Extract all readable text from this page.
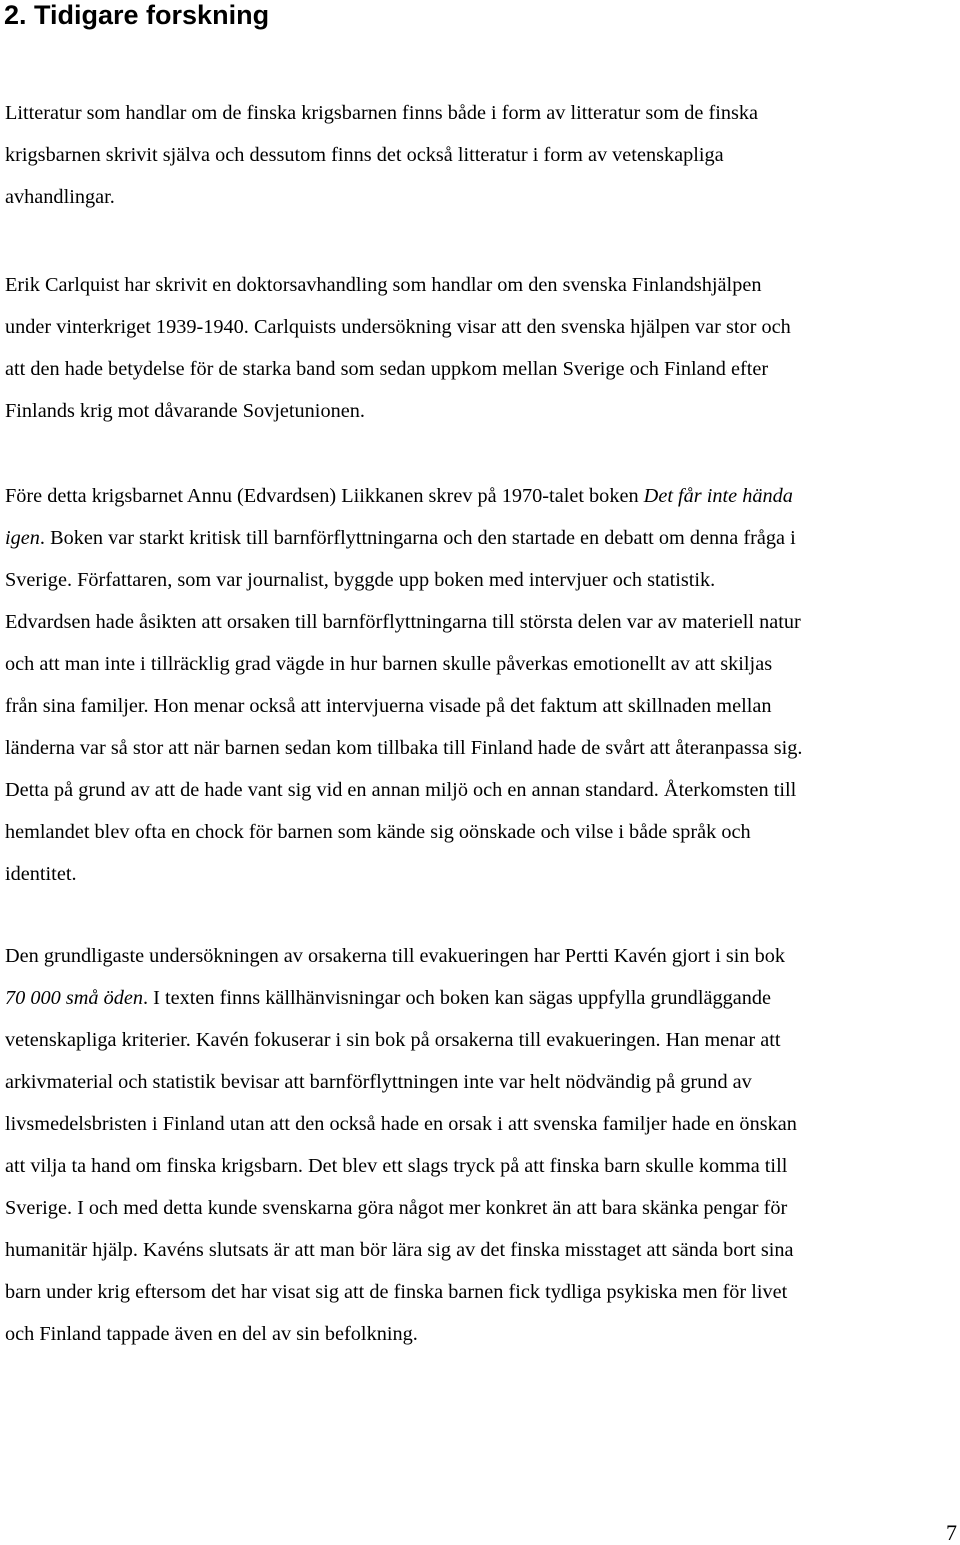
2. Tidigare forskning

Litteratur som handlar om de finska krigsbarnen finns både i form av litteratur som de finska
krigsbarnen skrivit själva och dessutom finns det också litteratur i form av vetenskapliga
avhandlingar.

Erik Carlquist har skrivit en doktorsavhandling som handlar om den svenska Finlandshjälpen
under vinterkriget 1939-1940. Carlquists undersökning visar att den svenska hjälpen var stor och
att den hade betydelse för de starka band som sedan uppkom mellan Sverige och Finland efter
Finlands krig mot dåvarande Sovjetunionen.

Före detta krigsbarnet Annu (Edvardsen) Liikkanen skrev på 1970-talet boken Det får inte hända
igen. Boken var starkt kritisk till barnförflyttningarna och den startade en debatt om denna fråga i
Sverige. Författaren, som var journalist, byggde upp boken med intervjuer och statistik.
Edvardsen hade åsikten att orsaken till barnförflyttningarna till största delen var av materiell natur
och att man inte i tillräcklig grad vägde in hur barnen skulle påverkas emotionellt av att skiljas
från sina familjer. Hon menar också att intervjuerna visade på det faktum att skillnaden mellan
länderna var så stor att när barnen sedan kom tillbaka till Finland hade de svårt att återanpassa sig.
Detta på grund av att de hade vant sig vid en annan miljö och en annan standard. Återkomsten till
hemlandet blev ofta en chock för barnen som kände sig oönskade och vilse i både språk och
identitet.

Den grundligaste undersökningen av orsakerna till evakueringen har Pertti Kavén gjort i sin bok
70 000 små öden. I texten finns källhänvisningar och boken kan sägas uppfylla grundläggande
vetenskapliga kriterier. Kavén fokuserar i sin bok på orsakerna till evakueringen. Han menar att
arkivmaterial och statistik bevisar att barnförflyttningen inte var helt nödvändig på grund av
livsmedelsbristen i Finland utan att den också hade en orsak i att svenska familjer hade en önskan
att vilja ta hand om finska krigsbarn. Det blev ett slags tryck på att finska barn skulle komma till
Sverige. I och med detta kunde svenskarna göra något mer konkret än att bara skänka pengar för
humanitär hjälp. Kavéns slutsats är att man bör lära sig av det finska misstaget att sända bort sina
barn under krig eftersom det har visat sig att de finska barnen fick tydliga psykiska men för livet
och Finland tappade även en del av sin befolkning.

7
